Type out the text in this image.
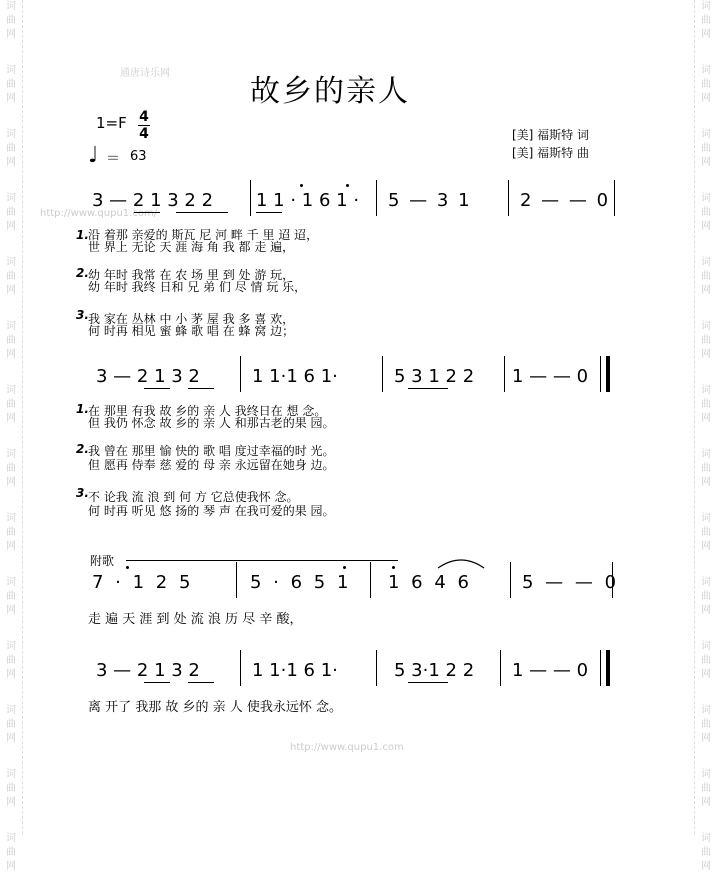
词
曲
网
词
曲
网
词
曲
网
词
曲
网
词
曲
网
词
曲
网
词
曲
网
词
曲
网
词
曲
网
词
曲
网
词
曲
网
词
曲
网
词
曲
网
词
曲
网
词
曲
网
词
曲
网
词
曲
网
词
曲
网
词
曲
网
词
曲
网
词
曲
网
词
曲
网
词
曲
网
词
曲
网
词
曲
网
词
曲
网
词
曲
网
词
曲
网
通唐诗乐网
http://www.qupu1.com/
http://www.qupu1.com
故乡的亲人
1=F 4
4
♩ ＝ 63
[美] 福斯特 词
[美] 福斯特 曲
3 — 2 1 3 2 2 1 1 · 1 6 1 · 5 — 3 1	2 — — 0
1. 沿 着那 亲爱的 斯瓦 尼 河 畔 千 里 迢 迢，
世 界上 无论 天 涯 海 角 我 都 走 遍，
2. 幼 年时 我常 在 农 场 里 到 处 游 玩，
幼 年时 我终 日和 兄 弟 们 尽 情 玩 乐，
3. 我 家在 丛林 中 小 茅 屋 我 多 喜 欢，
何 时再 相见 蜜 蜂 歌 唱 在 蜂 窝 边；
3 — 2 1 3 2	1 1·1 6 1·	5 3 1 2 2 1 — — 0
1. 在 那里 有我 故 乡的 亲 人 我终日在 想 念。
但 我仍 怀念 故 乡的 亲 人 和那古老的果 园。
2. 我 曾在 那里 愉 快的 歌 唱 度过幸福的时 光。
但 愿再 侍奉 慈 爱的 母 亲 永远留在她身 边。
3. 不 论我 流 浪 到 何 方 它总使我怀 念。
何 时再 听见 悠 扬的 琴 声 在我可爱的果 园。
附歌
7 · 1 2 5	5 · 6 5 1 1 6 4 6	5 — — 0
走 遍 天 涯 到 处 流 浪 历 尽 辛 酸，
3 — 2 1 3 2	1 1·1 6 1·	5 3·1 2 2 1 — — 0
离 开了 我那 故 乡的 亲 人 使我永远怀 念。
